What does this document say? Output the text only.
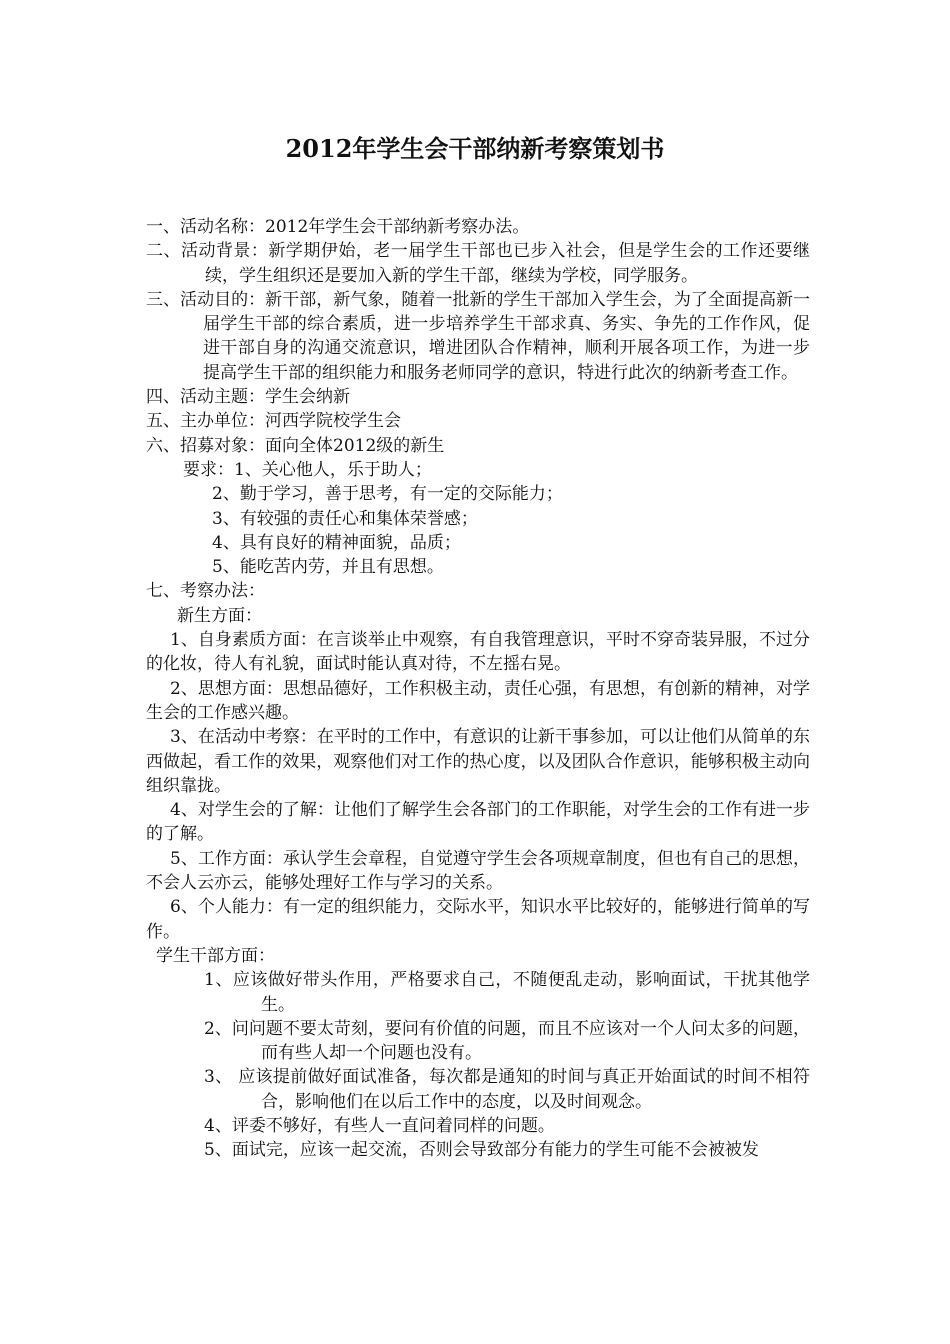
2012年学生会干部纳新考察策划书

一、活动名称：2012年学生会干部纳新考察办法。

二、活动背景：新学期伊始，老一届学生干部也已步入社会，但是学生会的工作还要继续，学生组织还是要加入新的学生干部，继续为学校，同学服务。

三、活动目的：新干部，新气象，随着一批新的学生干部加入学生会，为了全面提高新一届学生干部的综合素质，进一步培养学生干部求真、务实、争先的工作作风，促进干部自身的沟通交流意识，增进团队合作精神，顺利开展各项工作，为进一步提高学生干部的组织能力和服务老师同学的意识，特进行此次的纳新考查工作。

四、活动主题：学生会纳新

五、主办单位：河西学院校学生会

六、招募对象：面向全体2012级的新生

要求：1、关心他人，乐于助人；

2、勤于学习，善于思考，有一定的交际能力；

3、有较强的责任心和集体荣誉感；

4、具有良好的精神面貌，品质；

5、能吃苦内劳，并且有思想。

七、考察办法：

新生方面：

1、自身素质方面：在言谈举止中观察，有自我管理意识，平时不穿奇装异服，不过分的化妆，待人有礼貌，面试时能认真对待，不左摇右晃。

2、思想方面：思想品德好，工作积极主动，责任心强，有思想，有创新的精神，对学生会的工作感兴趣。

3、在活动中考察：在平时的工作中，有意识的让新干事参加，可以让他们从简单的东西做起，看工作的效果，观察他们对工作的热心度，以及团队合作意识，能够积极主动向组织靠拢。

4、对学生会的了解：让他们了解学生会各部门的工作职能，对学生会的工作有进一步的了解。

5、工作方面：承认学生会章程，自觉遵守学生会各项规章制度，但也有自己的思想，不会人云亦云，能够处理好工作与学习的关系。

6、个人能力：有一定的组织能力，交际水平，知识水平比较好的，能够进行简单的写作。

学生干部方面：

1、应该做好带头作用，严格要求自己，不随便乱走动，影响面试，干扰其他学生。

2、问问题不要太苛刻，要问有价值的问题，而且不应该对一个人问太多的问题，而有些人却一个问题也没有。

3、 应该提前做好面试准备，每次都是通知的时间与真正开始面试的时间不相符合，影响他们在以后工作中的态度，以及时间观念。

4、评委不够好，有些人一直问着同样的问题。

5、面试完，应该一起交流，否则会导致部分有能力的学生可能不会被被发
